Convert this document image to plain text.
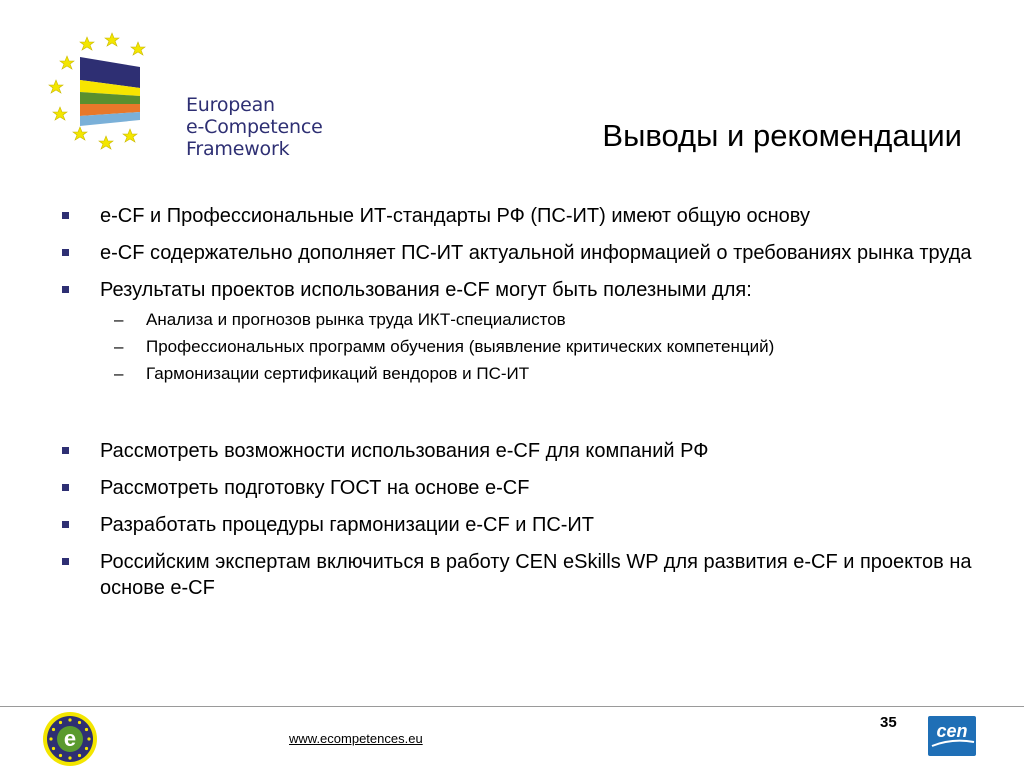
European
e-Competence
Framework	Выводы и рекомендации
e-CF и Профессиональные ИТ-стандарты РФ (ПС-ИТ) имеют общую основу
e-CF содержательно дополняет ПС-ИТ актуальной информацией о требованиях рынка труда
Результаты проектов использования e-CF могут быть полезными для:
– Анализа и прогнозов рынка труда ИКТ-специалистов
– Профессиональных программ обучения (выявление критических компетенций)
– Гармонизации сертификаций вендоров и ПС-ИТ
Рассмотреть возможности использования e-CF для компаний РФ
Рассмотреть подготовку ГОСТ на основе e-CF
Разработать процедуры гармонизации e-CF и ПС-ИТ
Российским экспертам включиться в работу CEN eSkills WP для развития e-CF и проектов на основе e-CF
e	www.ecompetences.eu
35 cen
